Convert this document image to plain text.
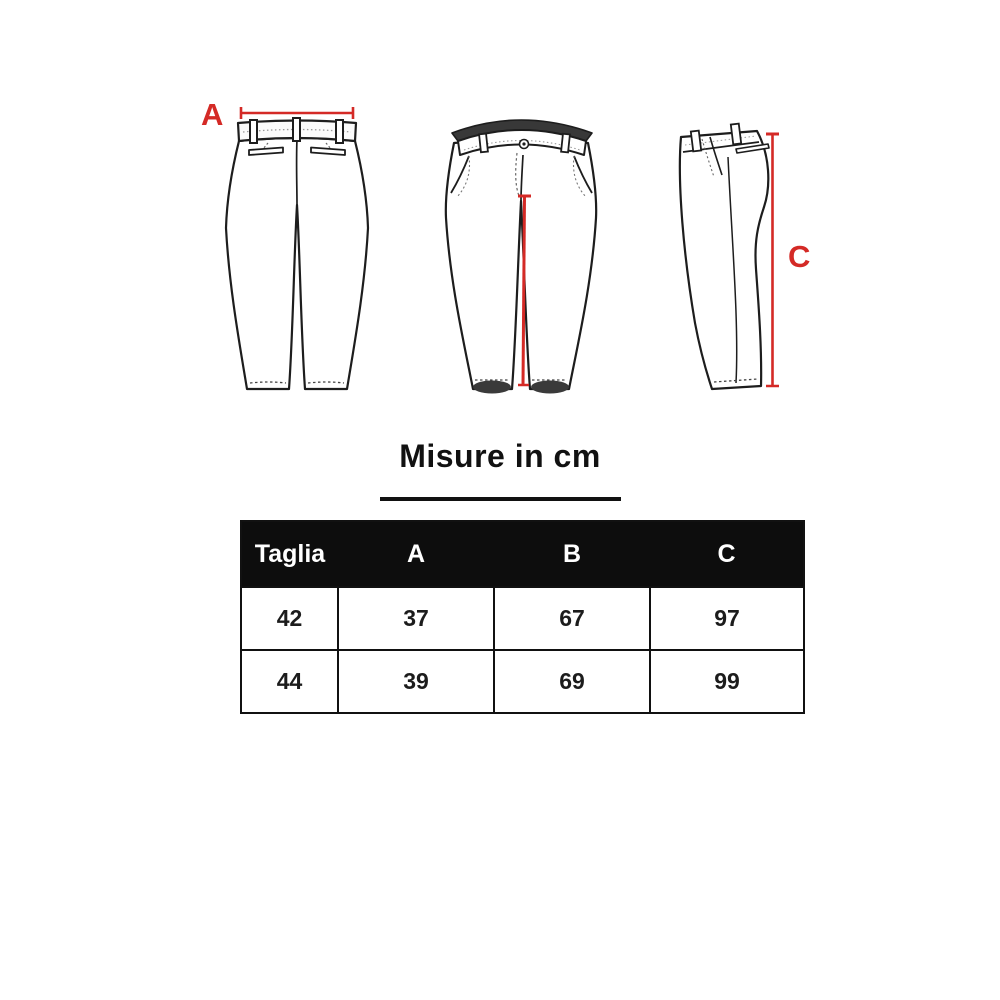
A
C
Misure in cm
Taglia	A	B	C
42	37	67	97
44	39	69	99
